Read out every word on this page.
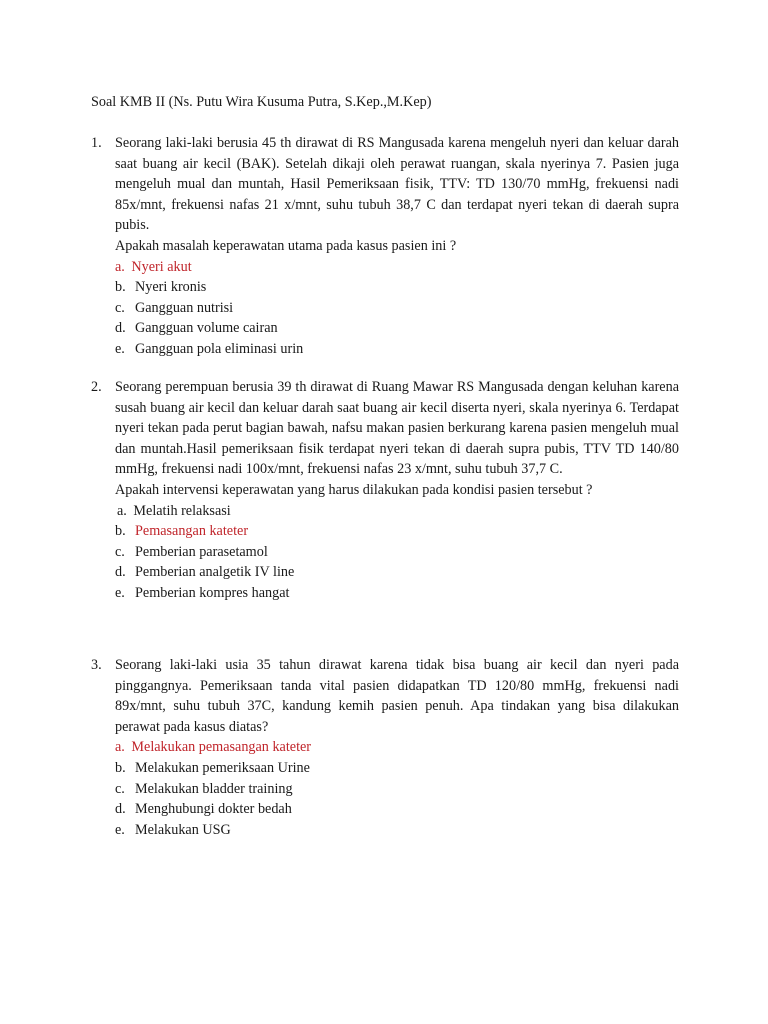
Soal KMB II (Ns. Putu Wira Kusuma Putra, S.Kep.,M.Kep)
1. Seorang laki-laki berusia 45 th dirawat di RS Mangusada karena mengeluh nyeri dan keluar darah saat buang air kecil (BAK). Setelah dikaji oleh perawat ruangan, skala nyerinya 7. Pasien juga mengeluh mual dan muntah, Hasil Pemeriksaan fisik, TTV: TD 130/70 mmHg, frekuensi nadi 85x/mnt, frekuensi nafas 21 x/mnt, suhu tubuh 38,7 C dan terdapat nyeri tekan di daerah supra pubis.
Apakah masalah keperawatan utama pada kasus pasien ini ?
a. Nyeri akut
b. Nyeri kronis
c. Gangguan nutrisi
d. Gangguan volume cairan
e. Gangguan pola eliminasi urin
2. Seorang perempuan berusia 39 th dirawat di Ruang Mawar RS Mangusada dengan keluhan karena susah buang air kecil dan keluar darah saat buang air kecil diserta nyeri, skala nyerinya 6. Terdapat nyeri tekan pada perut bagian bawah, nafsu makan pasien berkurang karena pasien mengeluh mual dan muntah.Hasil pemeriksaan fisik terdapat nyeri tekan di daerah supra pubis, TTV TD 140/80 mmHg, frekuensi nadi 100x/mnt, frekuensi nafas 23 x/mnt, suhu tubuh 37,7 C.
Apakah intervensi keperawatan yang harus dilakukan pada kondisi pasien tersebut ?
a. Melatih relaksasi
b. Pemasangan kateter
c. Pemberian parasetamol
d. Pemberian analgetik IV line
e. Pemberian kompres hangat
3. Seorang laki-laki usia 35 tahun dirawat karena tidak bisa buang air kecil dan nyeri pada pinggangnya. Pemeriksaan tanda vital pasien didapatkan TD 120/80 mmHg, frekuensi nadi 89x/mnt, suhu tubuh 37C, kandung kemih pasien penuh. Apa tindakan yang bisa dilakukan perawat pada kasus diatas?
a. Melakukan pemasangan kateter
b. Melakukan pemeriksaan Urine
c. Melakukan bladder training
d. Menghubungi dokter bedah
e. Melakukan USG
